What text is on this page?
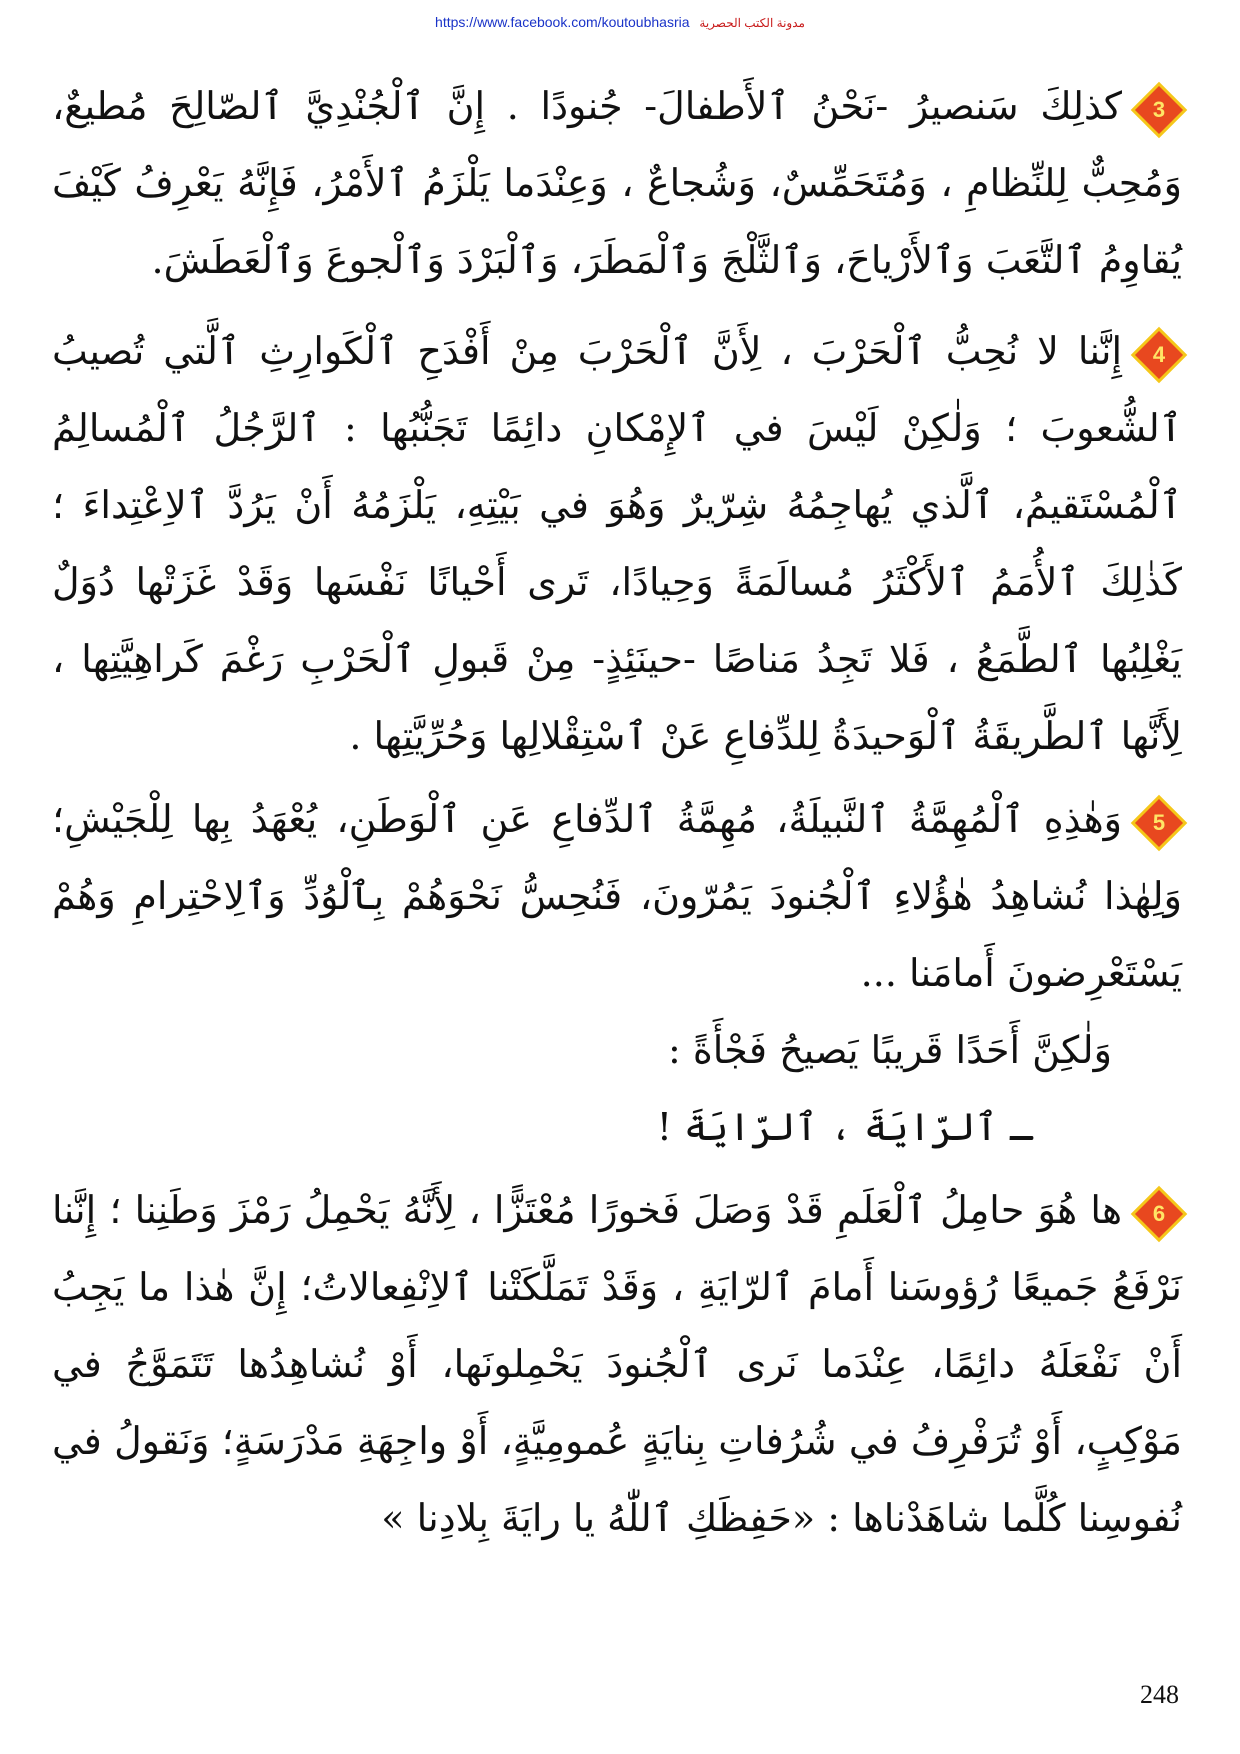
https://www.facebook.com/koutoubhasria مدونة الكتب الحصرية

3
كذلِكَ سَنصيرُ -نَحْنُ ٱلأَطفالَ- جُنودًا . إِنَّ ٱلْجُنْدِيَّ ٱلصّالِحَ مُطيعٌ، وَمُحِبٌّ لِلنِّظامِ ، وَمُتَحَمِّسٌ، وَشُجاعٌ ، وَعِنْدَما يَلْزَمُ ٱلأَمْرُ، فَإِنَّهُ يَعْرِفُ كَيْفَ يُقاوِمُ ٱلتَّعَبَ وَٱلأَرْياحَ، وَٱلثَّلْجَ وَٱلْمَطَرَ، وَٱلْبَرْدَ وَٱلْجوعَ وَٱلْعَطَشَ.

4
إِنَّنا لا نُحِبُّ ٱلْحَرْبَ ، لِأَنَّ ٱلْحَرْبَ مِنْ أَفْدَحِ ٱلْكَوارِثِ ٱلَّتي تُصيبُ ٱلشُّعوبَ ؛ وَلٰكِنْ لَيْسَ في ٱلإِمْكانِ دائِمًا تَجَنُّبُها : ٱلرَّجُلُ ٱلْمُسالِمُ ٱلْمُسْتَقيمُ، ٱلَّذي يُهاجِمُهُ شِرّيرٌ وَهُوَ في بَيْتِهِ، يَلْزَمُهُ أَنْ يَرُدَّ ٱلاِعْتِداءَ ؛ كَذٰلِكَ ٱلأُمَمُ ٱلأَكْثَرُ مُسالَمَةً وَحِيادًا، تَرى أَحْيانًا نَفْسَها وَقَدْ غَزَتْها دُوَلٌ يَغْلِبُها ٱلطَّمَعُ ، فَلا تَجِدُ مَناصًا -حينَئِذٍ- مِنْ قَبولِ ٱلْحَرْبِ رَغْمَ كَراهِيَّتِها ، لِأَنَّها ٱلطَّريقَةُ ٱلْوَحيدَةُ لِلدِّفاعِ عَنْ ٱسْتِقْلالِها وَحُرِّيَّتِها .

5
وَهٰذِهِ ٱلْمُهِمَّةُ ٱلنَّبيلَةُ، مُهِمَّةُ ٱلدِّفاعِ عَنِ ٱلْوَطَنِ، يُعْهَدُ بِها لِلْجَيْشِ؛ وَلِهٰذا نُشاهِدُ هٰؤُلاءِ ٱلْجُنودَ يَمُرّونَ، فَنُحِسُّ نَحْوَهُمْ بِٱلْوُدِّ وَٱلِاحْتِرامِ وَهُمْ يَسْتَعْرِضونَ أَمامَنا ...

وَلٰكِنَّ أَحَدًا قَريبًا يَصيحُ فَجْأَةً :

ـ ٱلرّايَةَ ، ٱلرّايَةَ !

6
ها هُوَ حامِلُ ٱلْعَلَمِ قَدْ وَصَلَ فَخورًا مُعْتَزًّا ، لِأَنَّهُ يَحْمِلُ رَمْزَ وَطَنِنا ؛ إِنَّنا نَرْفَعُ جَميعًا رُؤوسَنا أَمامَ ٱلرّايَةِ ، وَقَدْ تَمَلَّكَتْنا ٱلاِنْفِعالاتُ؛ إِنَّ هٰذا ما يَجِبُ أَنْ نَفْعَلَهُ دائِمًا، عِنْدَما نَرى ٱلْجُنودَ يَحْمِلونَها، أَوْ نُشاهِدُها تَتَمَوَّجُ في مَوْكِبٍ، أَوْ تُرَفْرِفُ في شُرُفاتِ بِنايَةٍ عُمومِيَّةٍ، أَوْ واجِهَةِ مَدْرَسَةٍ؛ وَنَقولُ في نُفوسِنا كُلَّما شاهَدْناها : «حَفِظَكِ ٱللّٰهُ يا رايَةَ بِلادِنا »

248
